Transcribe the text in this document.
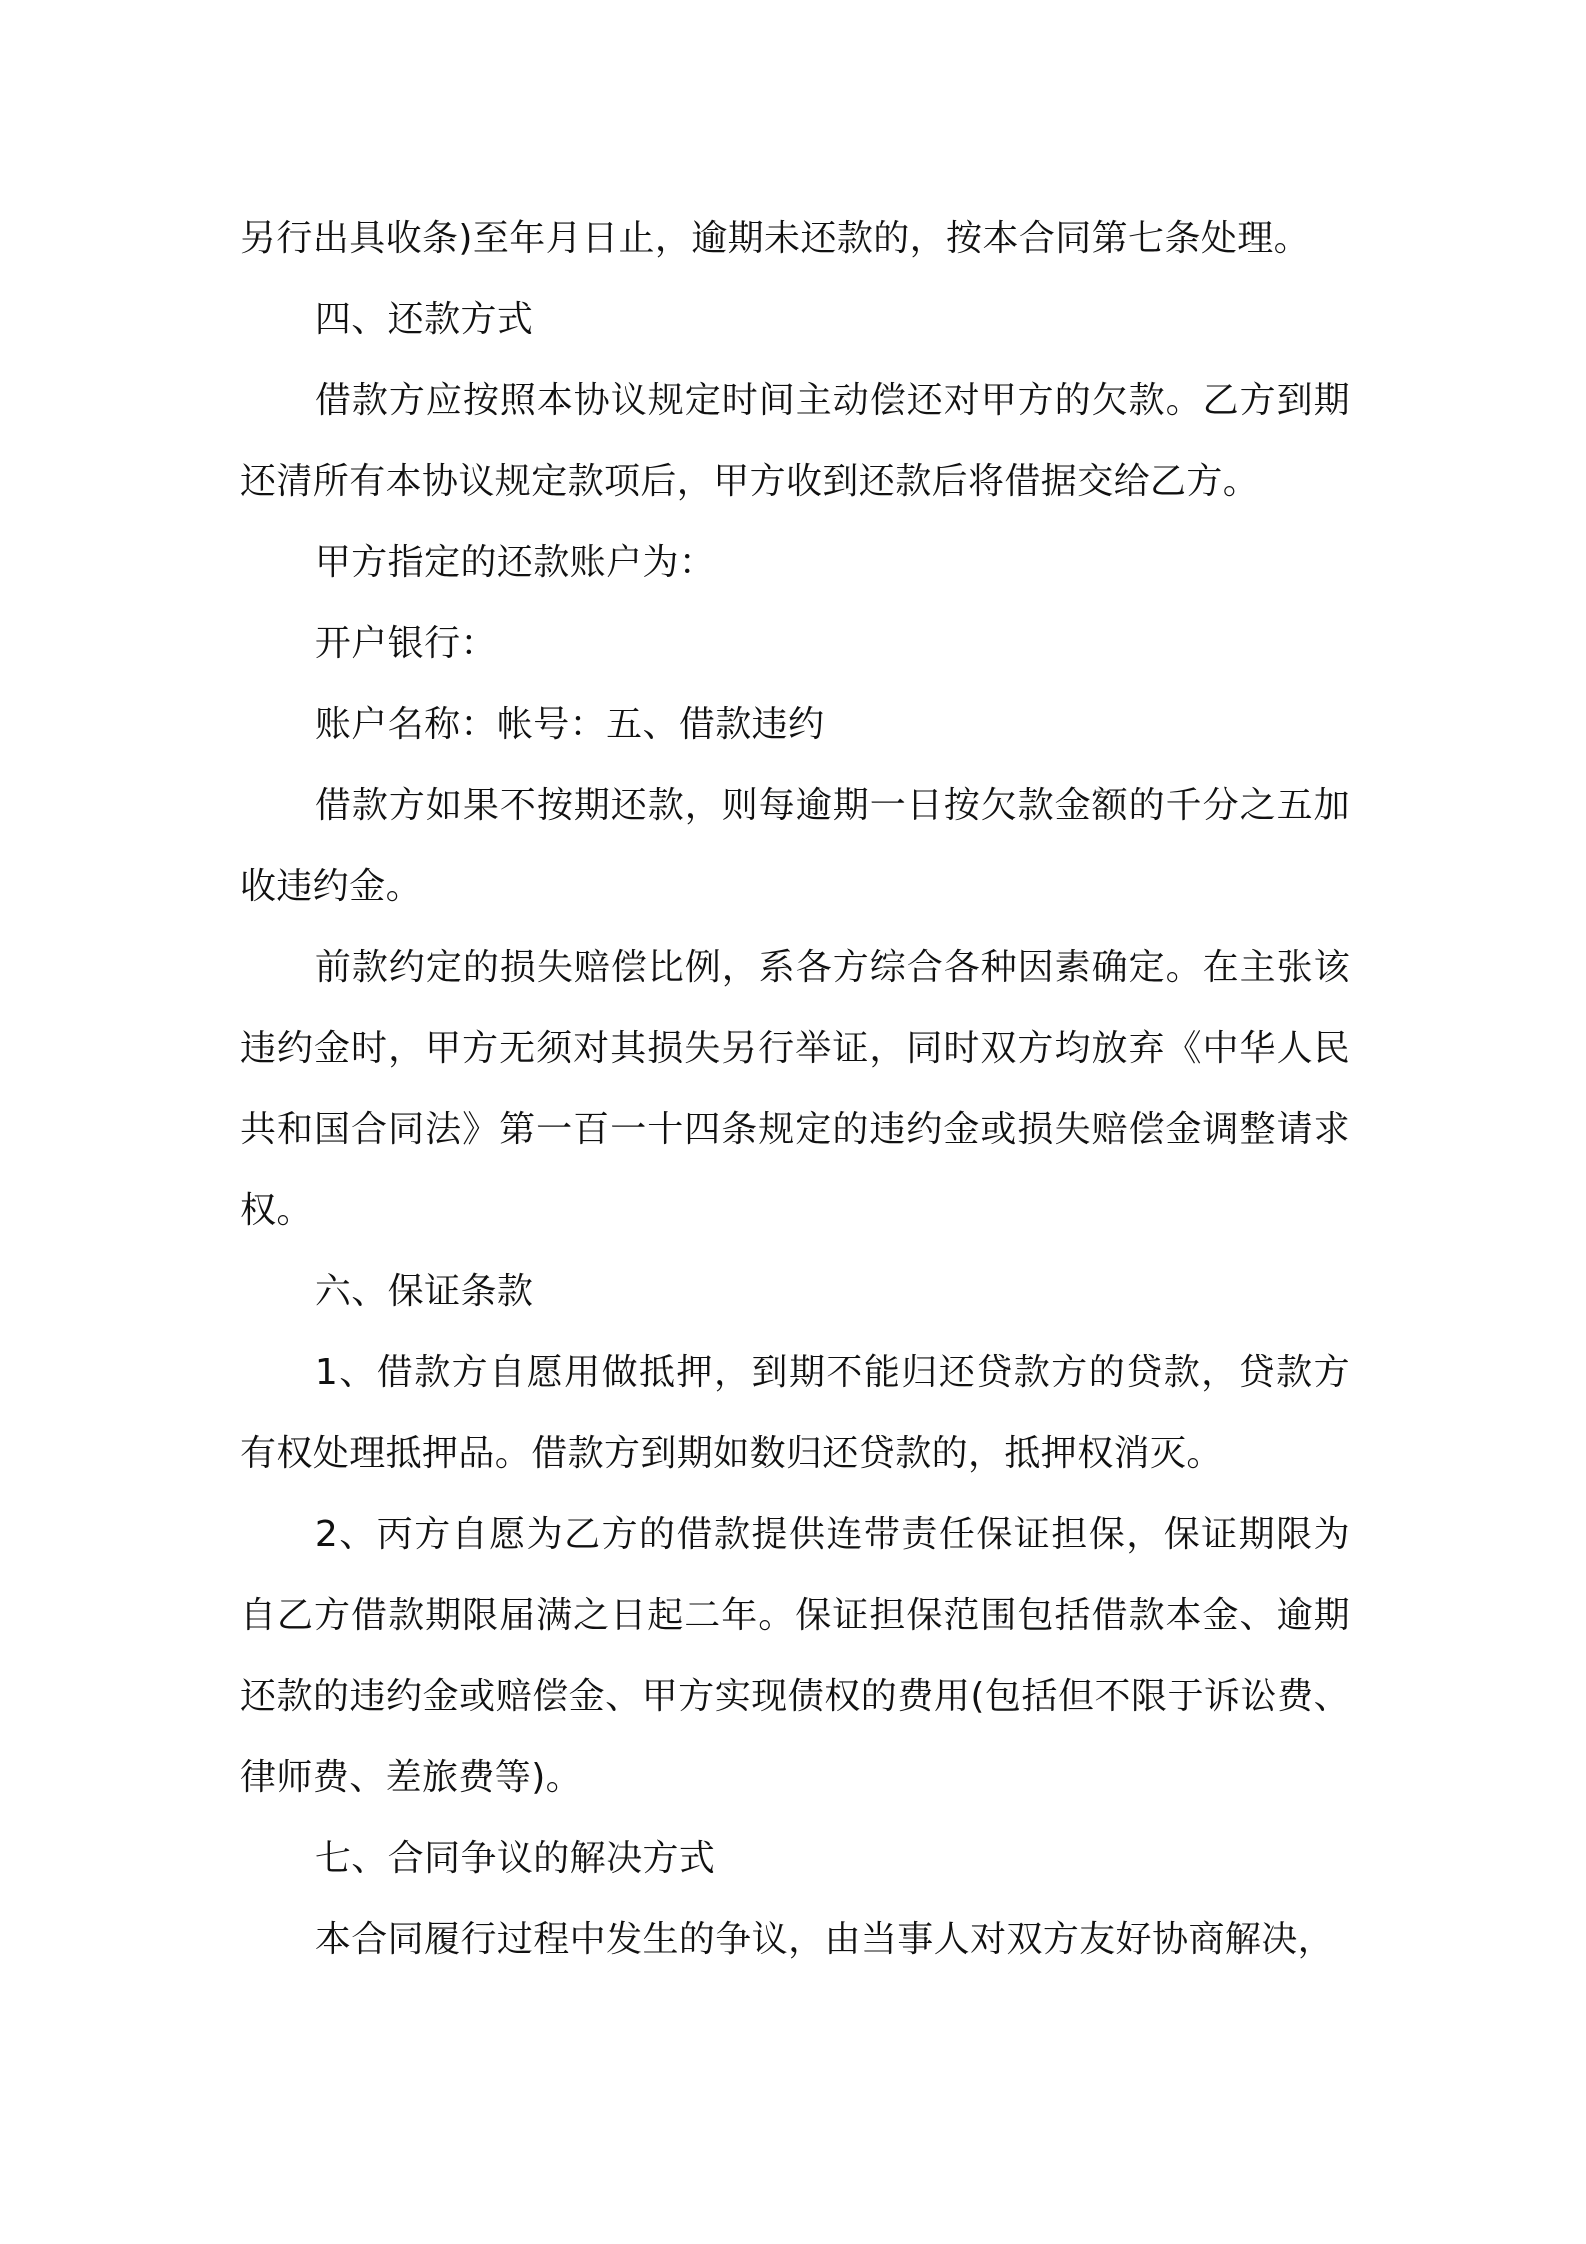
另行出具收条)至年月日止，逾期未还款的，按本合同第七条处理。

四、还款方式

借款方应按照本协议规定时间主动偿还对甲方的欠款。乙方到期还清所有本协议规定款项后，甲方收到还款后将借据交给乙方。

甲方指定的还款账户为：

开户银行：

账户名称：帐号：五、借款违约

借款方如果不按期还款，则每逾期一日按欠款金额的千分之五加收违约金。

前款约定的损失赔偿比例，系各方综合各种因素确定。在主张该违约金时，甲方无须对其损失另行举证，同时双方均放弃《中华人民共和国合同法》第一百一十四条规定的违约金或损失赔偿金调整请求权。

六、保证条款

1、借款方自愿用做抵押，到期不能归还贷款方的贷款，贷款方有权处理抵押品。借款方到期如数归还贷款的，抵押权消灭。

2、丙方自愿为乙方的借款提供连带责任保证担保，保证期限为自乙方借款期限届满之日起二年。保证担保范围包括借款本金、逾期还款的违约金或赔偿金、甲方实现债权的费用(包括但不限于诉讼费、律师费、差旅费等)。

七、合同争议的解决方式

本合同履行过程中发生的争议，由当事人对双方友好协商解决，
